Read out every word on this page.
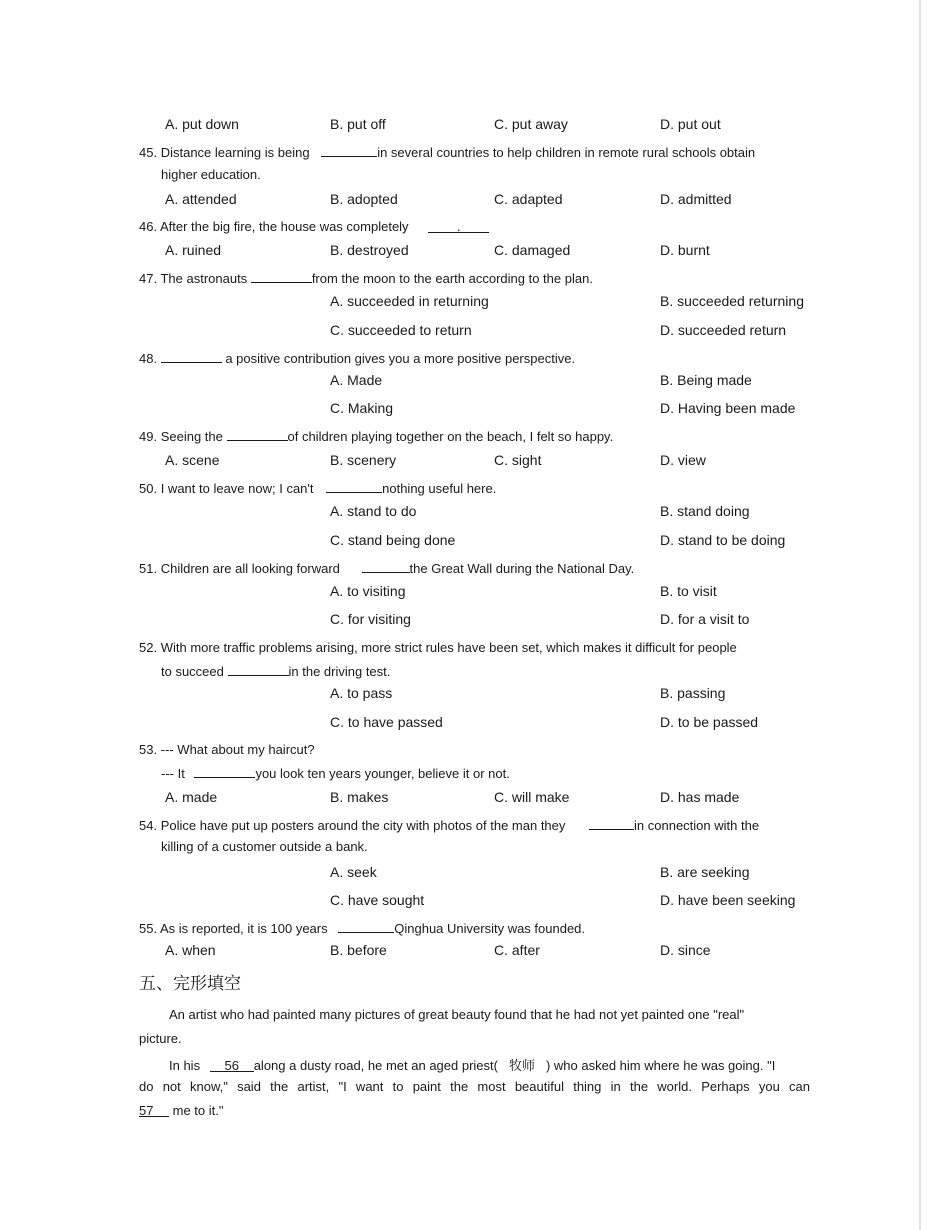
A. put down	B. put off	C. put away	D. put out
45. Distance learning is being	in several countries to help children in remote rural schools obtain
higher education.
A. attended	B. adopted	C. adapted	D. admitted
46. After the big fire, the house was completely	.
A. ruined	B. destroyed	C. damaged	D. burnt
47. The astronauts	from the moon to the earth according to the plan.
A. succeeded in returning	B. succeeded returning
C. succeeded to return	D. succeeded return
48.	a positive contribution gives you a more positive perspective.
A. Made	B. Being made
C. Making	D. Having been made
49. Seeing the	of children playing together on the beach, I felt so happy.
A. scene	B. scenery	C. sight	D. view
50. I want to leave now; I can't	nothing useful here.
A. stand to do	B. stand doing
C. stand being done	D. stand to be doing
51. Children are all looking forward	the Great Wall during the National Day.
A. to visiting	B. to visit
C. for visiting	D. for a visit to
52. With more traffic problems arising, more strict rules have been set, which makes it difficult for people
to succeed	in the driving test.
A. to pass	B. passing
C. to have passed	D. to be passed
53. --- What about my haircut?
--- It	you look ten years younger, believe it or not.
A. made	B. makes	C. will make	D. has made
54. Police have put up posters around the city with photos of the man they	in connection with the
killing of a customer outside a bank.
A. seek	B. are seeking
C. have sought	D. have been seeking
55. As is reported, it is 100 years	Qinghua University was founded.
A. when	B. before	C. after	D. since
五、完形填空
An artist who had painted many pictures of great beauty found that he had not yet painted one "real"
picture.
In his 56 along a dusty road, he met an aged priest( 牧师 ) who asked him where he was going. "I
do not know," said the artist, "I want to paint the most beautiful thing in the world. Perhaps you can
57 me to it."
